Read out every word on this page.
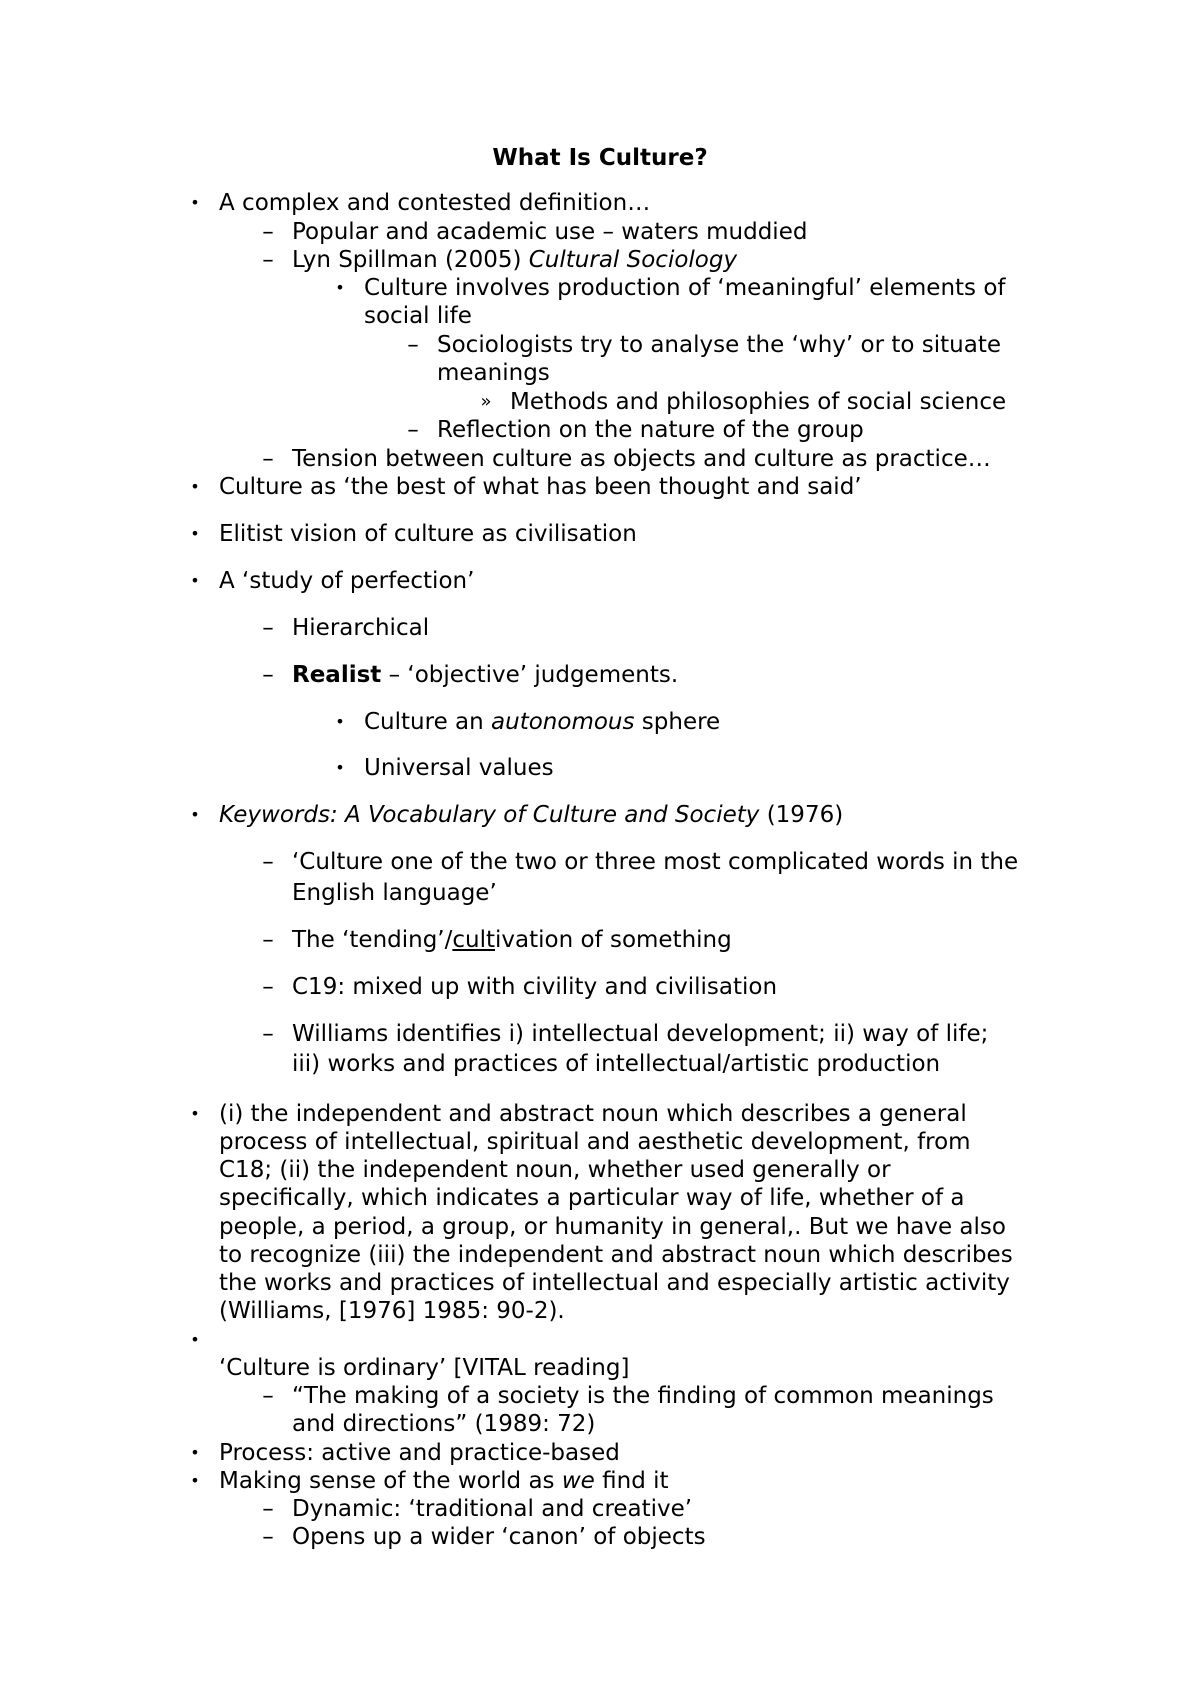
What Is Culture?
• A complex and contested definition…
– Popular and academic use – waters muddied
– Lyn Spillman (2005) Cultural Sociology
• Culture involves production of ‘meaningful’ elements of
social life
– Sociologists try to analyse the ‘why’ or to situate
meanings
» Methods and philosophies of social science
– Reflection on the nature of the group
– Tension between culture as objects and culture as practice…
• Culture as ‘the best of what has been thought and said’
• Elitist vision of culture as civilisation
• A ‘study of perfection’
– Hierarchical
– Realist – ‘objective’ judgements.
• Culture an autonomous sphere
• Universal values
• Keywords: A Vocabulary of Culture and Society (1976)
– ‘Culture one of the two or three most complicated words in the
English language’
– The ‘tending’/cultivation of something
– C19: mixed up with civility and civilisation
– Williams identifies i) intellectual development; ii) way of life;
iii) works and practices of intellectual/artistic production
• (i) the independent and abstract noun which describes a general
process of intellectual, spiritual and aesthetic development, from
C18; (ii) the independent noun, whether used generally or
specifically, which indicates a particular way of life, whether of a
people, a period, a group, or humanity in general,. But we have also
to recognize (iii) the independent and abstract noun which describes
the works and practices of intellectual and especially artistic activity
(Williams, [1976] 1985: 90-2).
•
‘Culture is ordinary’ [VITAL reading]
– “The making of a society is the finding of common meanings
and directions” (1989: 72)
• Process: active and practice-based
• Making sense of the world as we find it
– Dynamic: ‘traditional and creative’
– Opens up a wider ‘canon’ of objects
